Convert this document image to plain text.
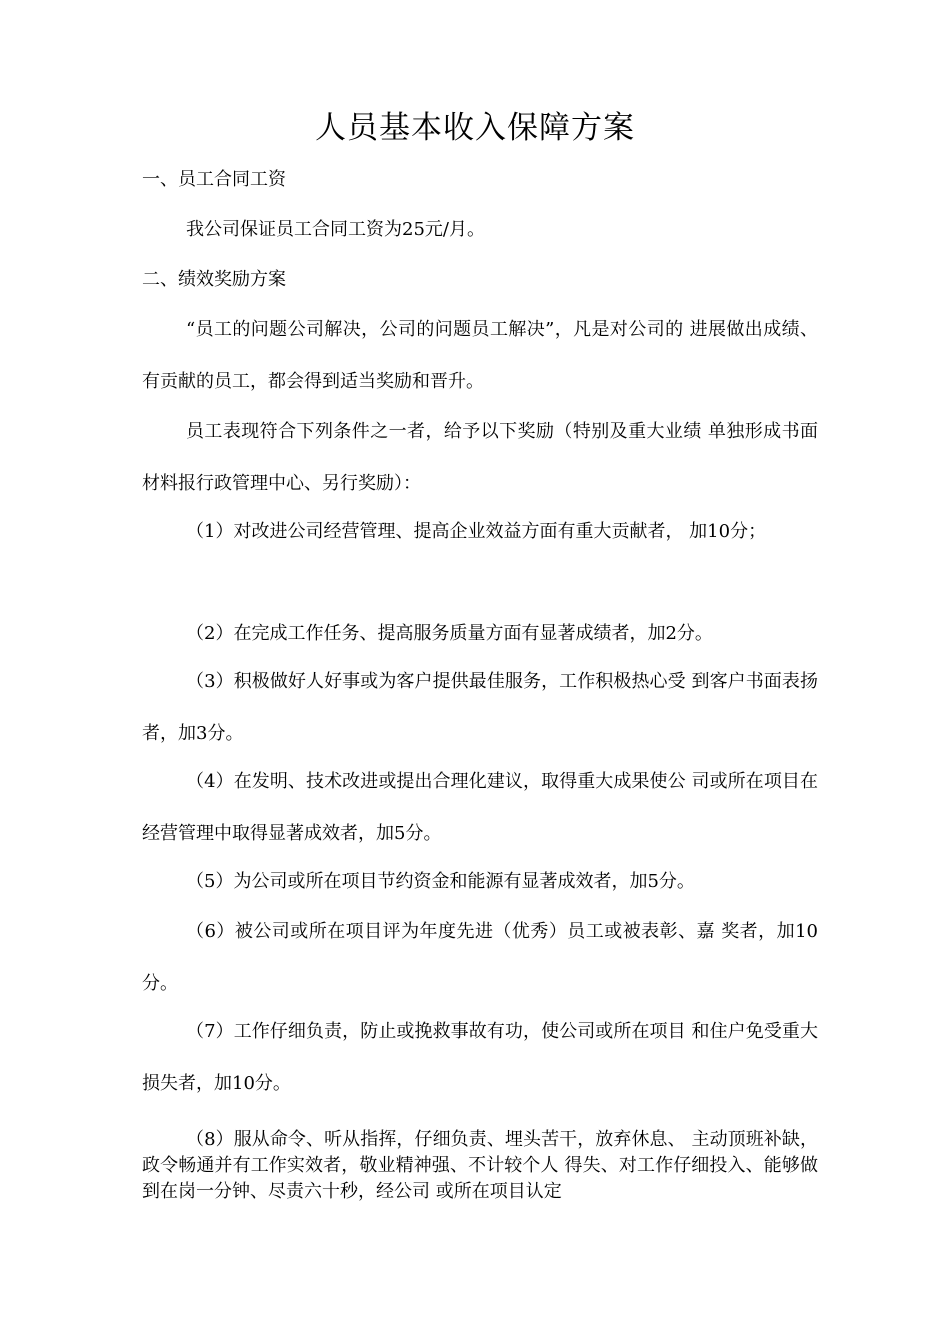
人员基本收入保障方案
一、员工合同工资
我公司保证员工合同工资为25元/月。
二、绩效奖励方案
“员工的问题公司解决，公司的问题员工解决”，凡是对公司的 进展做出成绩、有贡献的员工，都会得到适当奖励和晋升。
员工表现符合下列条件之一者，给予以下奖励（特别及重大业绩 单独形成书面材料报行政管理中心、另行奖励）：
（1）对改进公司经营管理、提高企业效益方面有重大贡献者， 加10分；
（2）在完成工作任务、提高服务质量方面有显著成绩者，加2分。
（3）积极做好人好事或为客户提供最佳服务，工作积极热心受 到客户书面表扬者，加3分。
（4）在发明、技术改进或提出合理化建议，取得重大成果使公 司或所在项目在经营管理中取得显著成效者，加5分。
（5）为公司或所在项目节约资金和能源有显著成效者，加5分。
（6）被公司或所在项目评为年度先进（优秀）员工或被表彰、嘉 奖者，加10分。
（7）工作仔细负责，防止或挽救事故有功，使公司或所在项目 和住户免受重大损失者，加10分。
（8）服从命令、听从指挥，仔细负责、埋头苦干，放弃休息、 主动顶班补缺，政令畅通并有工作实效者，敬业精神强、不计较个人 得失、对工作仔细投入、能够做到在岗一分钟、尽责六十秒，经公司 或所在项目认定
